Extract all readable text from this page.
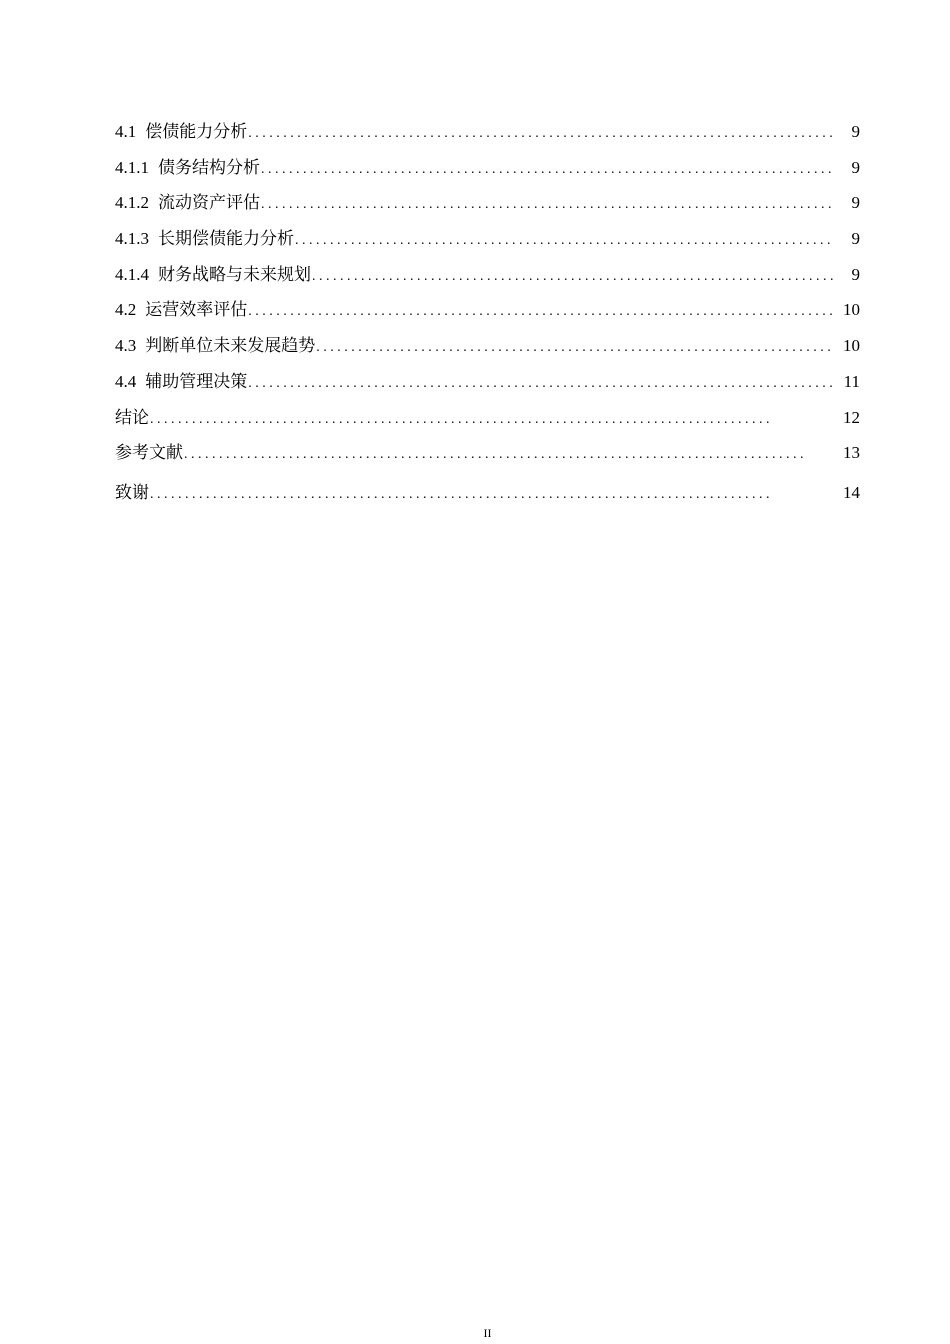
4.1 偿债能力分析 . . .	9
4.1.1 债务结构分析 . . .	9
4.1.2 流动资产评估 . . .	9
4.1.3 长期偿债能力分析 . . .	9
4.1.4 财务战略与未来规划 . . .	9
4.2 运营效率评估 . . .	10
4.3 判断单位未来发展趋势 . . .	10
4.4 辅助管理决策 . . .	11
结论 . . .	12
参考文献 . . .	13
致谢 . . .	14
II
